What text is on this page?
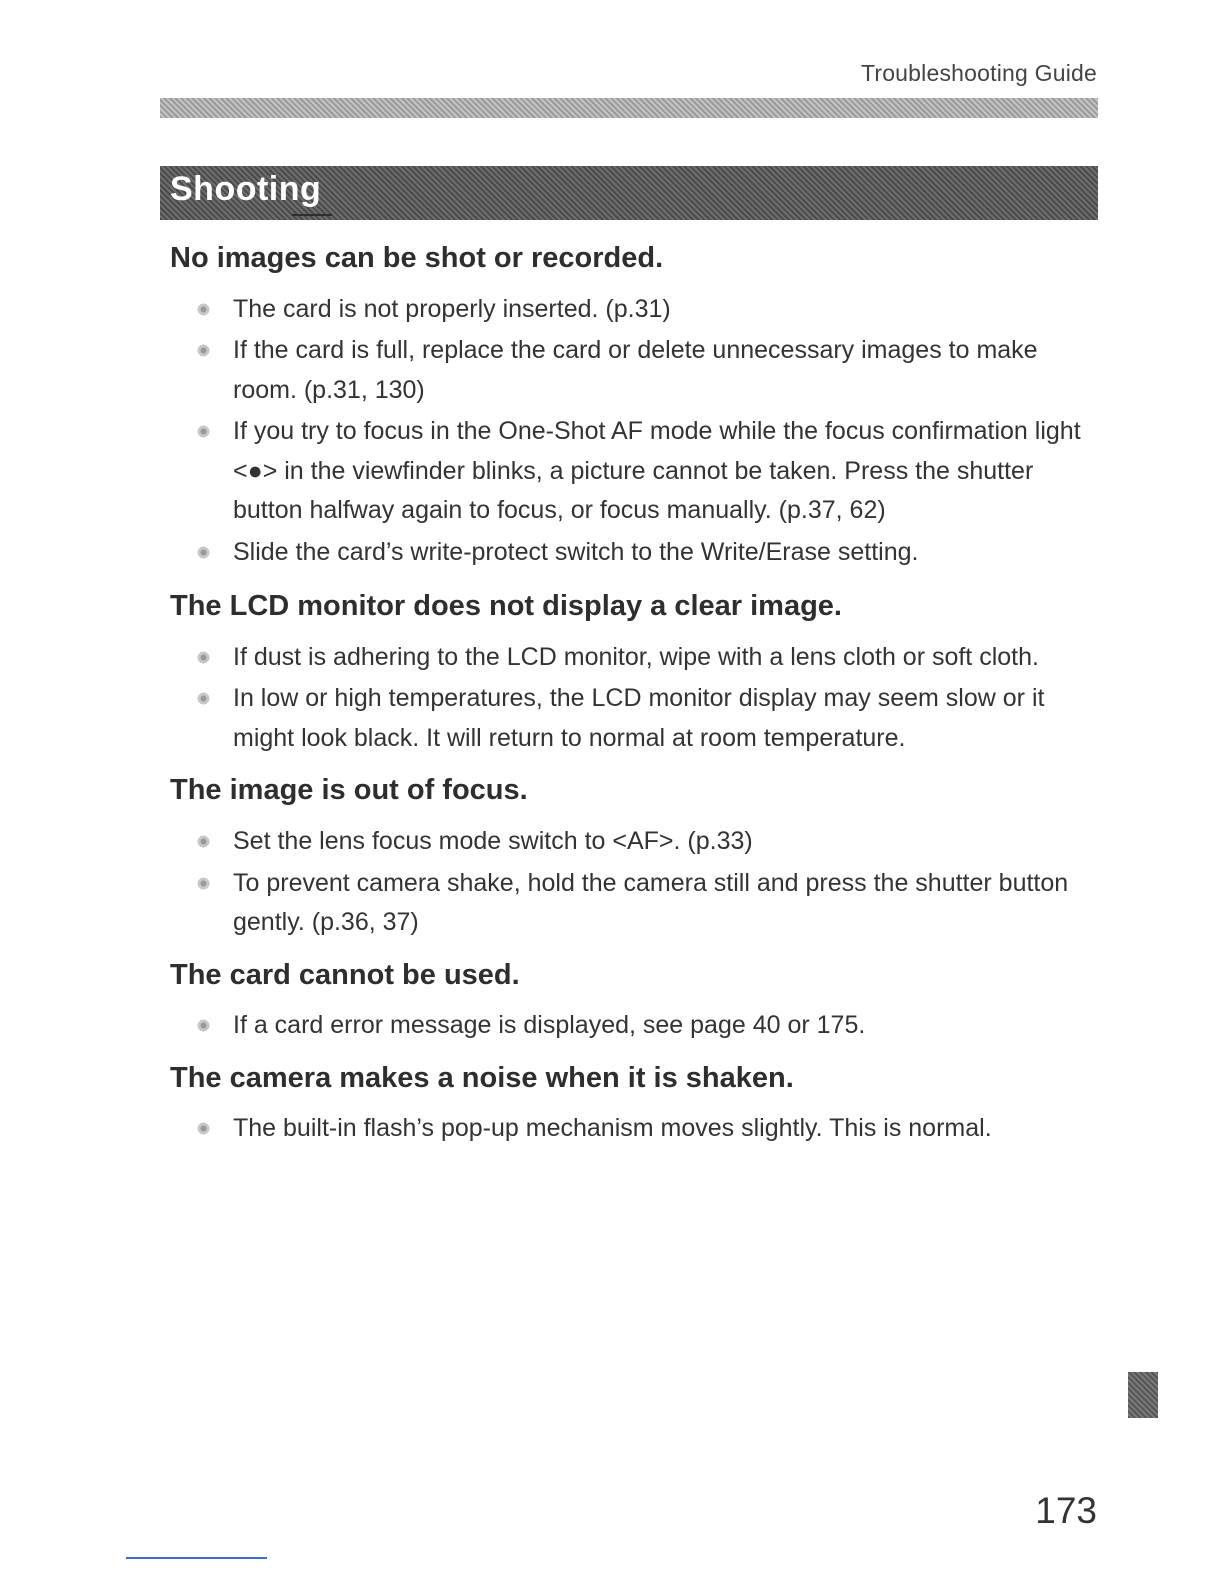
Troubleshooting Guide
Shooting
No images can be shot or recorded.
The card is not properly inserted. (p.31)
If the card is full, replace the card or delete unnecessary images to make room. (p.31, 130)
If you try to focus in the One-Shot AF mode while the focus confirmation light <●> in the viewfinder blinks, a picture cannot be taken. Press the shutter button halfway again to focus, or focus manually. (p.37, 62)
Slide the card’s write-protect switch to the Write/Erase setting.
The LCD monitor does not display a clear image.
If dust is adhering to the LCD monitor, wipe with a lens cloth or soft cloth.
In low or high temperatures, the LCD monitor display may seem slow or it might look black. It will return to normal at room temperature.
The image is out of focus.
Set the lens focus mode switch to <AF>. (p.33)
To prevent camera shake, hold the camera still and press the shutter button gently. (p.36, 37)
The card cannot be used.
If a card error message is displayed, see page 40 or 175.
The camera makes a noise when it is shaken.
The built-in flash’s pop-up mechanism moves slightly. This is normal.
173
